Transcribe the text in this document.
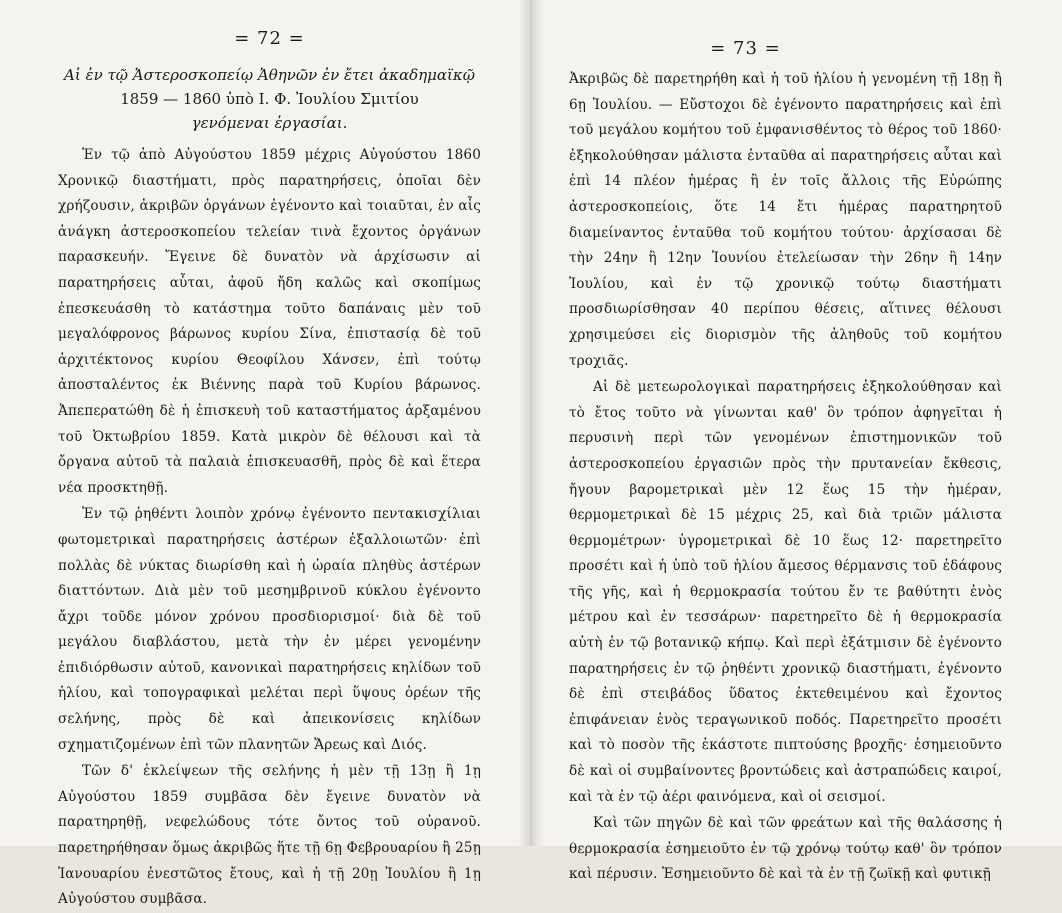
= 72 =
Αἱ ἐν τῷ Ἀστεροσκοπείῳ Ἀθηνῶν ἐν ἔτει ἀκαδημαϊκῷ
1859 — 1860 ὑπὸ Ι. Φ. Ἰουλίου Σμιτίου
γενόμεναι ἐργασίαι.

Ἐν τῷ ἀπὸ Αὐγούστου 1859 μέχρις Αὐγούστου 1860 Χρονικῷ διαστήματι, πρὸς παρατηρήσεις, ὁποῖαι δὲν χρήζουσιν, ἀκριβῶν ὀργάνων ἐγένοντο καὶ τοιαῦται, ἐν αἷς ἀνάγκη ἀστεροσκοπείου τελείαν τινὰ ἔχοντος ὀργάνων παρασκευήν. Ἔγεινε δὲ δυνατὸν νὰ ἀρχίσωσιν αἱ παρατηρήσεις αὗται, ἀφοῦ ἤδη καλῶς καὶ σκοπίμως ἐπεσκευάσθη τὸ κατάστημα τοῦτο δαπάναις μὲν τοῦ μεγαλόφρονος βάρωνος κυρίου Σίνα, ἐπιστασίᾳ δὲ τοῦ ἀρχιτέκτονος κυρίου Θεοφίλου Χάνσεν, ἐπὶ τούτῳ ἀποσταλέντος ἐκ Βιέννης παρὰ τοῦ Κυρίου βάρωνος. Ἀπεπερατώθη δὲ ἡ ἐπισκευὴ τοῦ καταστήματος ἀρξαμένου τοῦ Ὀκτωβρίου 1859. Κατὰ μικρὸν δὲ θέλουσι καὶ τὰ ὄργανα αὐτοῦ τὰ παλαιὰ ἐπισκευασθῆ, πρὸς δὲ καὶ ἕτερα νέα προσκτηθῇ.

Ἐν τῷ ῥηθέντι λοιπὸν χρόνῳ ἐγένοντο πεντακισχίλιαι φωτομετρικαὶ παρατηρήσεις ἀστέρων ἐξαλλοιωτῶν· ἐπὶ πολλὰς δὲ νύκτας διωρίσθη καὶ ἡ ὡραία πληθὺς ἀστέρων διαττόντων. Διὰ μὲν τοῦ μεσημβρινοῦ κύκλου ἐγένοντο ἄχρι τοῦδε μόνον χρόνου προσδιορισμοί· διὰ δὲ τοῦ μεγάλου διαβλάστου, μετὰ τὴν ἐν μέρει γενομένην ἐπιδιόρθωσιν αὐτοῦ, κανονικαὶ παρατηρήσεις κηλίδων τοῦ ἡλίου, καὶ τοπογραφικαὶ μελέται περὶ ὕψους ὀρέων τῆς σελήνης, πρὸς δὲ καὶ ἀπεικονίσεις κηλίδων σχηματιζομένων ἐπὶ τῶν πλανητῶν Ἄρεως καὶ Διός.

Τῶν δ' ἐκλείψεων τῆς σελήνης ἡ μὲν τῇ 13ῃ ἢ 1ῃ Αὐγούστου 1859 συμβᾶσα δὲν ἔγεινε δυνατὸν νὰ παρατηρηθῇ, νεφελώδους τότε ὄντος τοῦ οὐρανοῦ. παρετηρήθησαν ὅμως ἀκριβῶς ἥτε τῇ 6ῃ Φεβρουαρίου ἢ 25ῃ Ἰανουαρίου ἐνεστῶτος ἔτους, καὶ ἡ τῇ 20ῃ Ἰουλίου ἢ 1ῃ Αὐγούστου συμβᾶσα.

= 73 =

Ἀκριβῶς δὲ παρετηρήθη καὶ ἡ τοῦ ἡλίου ἡ γενομένη τῇ 18ῃ ἢ 6ῃ Ἰουλίου. — Εὔστοχοι δὲ ἐγένοντο παρατηρήσεις καὶ ἐπὶ τοῦ μεγάλου κομήτου τοῦ ἐμφανισθέντος τὸ θέρος τοῦ 1860· ἐξηκολούθησαν μάλιστα ἐνταῦθα αἱ παρατηρήσεις αὗται καὶ ἐπὶ 14 πλέον ἡμέρας ἢ ἐν τοῖς ἄλλοις τῆς Εὐρώπης ἀστεροσκοπείοις, ὅτε 14 ἔτι ἡμέρας παρατηρητοῦ διαμείναντος ἐνταῦθα τοῦ κομήτου τούτου· ἀρχίσασαι δὲ τὴν 24ην ἢ 12ην Ἰουνίου ἐτελείωσαν τὴν 26ην ἢ 14ην Ἰουλίου, καὶ ἐν τῷ χρονικῷ τούτῳ διαστήματι προσδιωρίσθησαν 40 περίπου θέσεις, αἵτινες θέλουσι χρησιμεύσει εἰς διορισμὸν τῆς ἀληθοῦς τοῦ κομήτου τροχιᾶς.

Αἱ δὲ μετεωρολογικαὶ παρατηρήσεις ἐξηκολούθησαν καὶ τὸ ἔτος τοῦτο νὰ γίνωνται καθ' ὃν τρόπον ἀφηγεῖται ἡ περυσινὴ περὶ τῶν γενομένων ἐπιστημονικῶν τοῦ ἀστεροσκοπείου ἐργασιῶν πρὸς τὴν πρυτανείαν ἔκθεσις, ἤγουν βαρομετρικαὶ μὲν 12 ἕως 15 τὴν ἡμέραν, θερμομετρικαὶ δὲ 15 μέχρις 25, καὶ διὰ τριῶν μάλιστα θερμομέτρων· ὑγρομετρικαὶ δὲ 10 ἕως 12· παρετηρεῖτο προσέτι καὶ ἡ ὑπὸ τοῦ ἡλίου ἄμεσος θέρμανσις τοῦ ἐδάφους τῆς γῆς, καὶ ἡ θερμοκρασία τούτου ἔν τε βαθύτητι ἑνὸς μέτρου καὶ ἐν τεσσάρων· παρετηρεῖτο δὲ ἡ θερμοκρασία αὐτὴ ἐν τῷ βοτανικῷ κήπῳ. Καὶ περὶ ἐξάτμισιν δὲ ἐγένοντο παρατηρήσεις ἐν τῷ ῥηθέντι χρονικῷ διαστήματι, ἐγένοντο δὲ ἐπὶ στειβάδος ὕδατος ἐκτεθειμένου καὶ ἔχοντος ἐπιφάνειαν ἑνὸς τεραγωνικοῦ ποδός. Παρετηρεῖτο προσέτι καὶ τὸ ποσὸν τῆς ἑκάστοτε πιπτούσης βροχῆς· ἐσημειοῦντο δὲ καὶ οἱ συμβαίνοντες βροντώδεις καὶ ἀστραπώδεις καιροί, καὶ τὰ ἐν τῷ ἀέρι φαινόμενα, καὶ οἱ σεισμοί.

Καὶ τῶν πηγῶν δὲ καὶ τῶν φρεάτων καὶ τῆς θαλάσσης ἡ θερμοκρασία ἐσημειοῦτο ἐν τῷ χρόνῳ τούτῳ καθ' ὃν τρόπον καὶ πέρυσιν. Ἐσημειοῦντο δὲ καὶ τὰ ἐν τῇ ζωϊκῇ καὶ φυτικῇ
